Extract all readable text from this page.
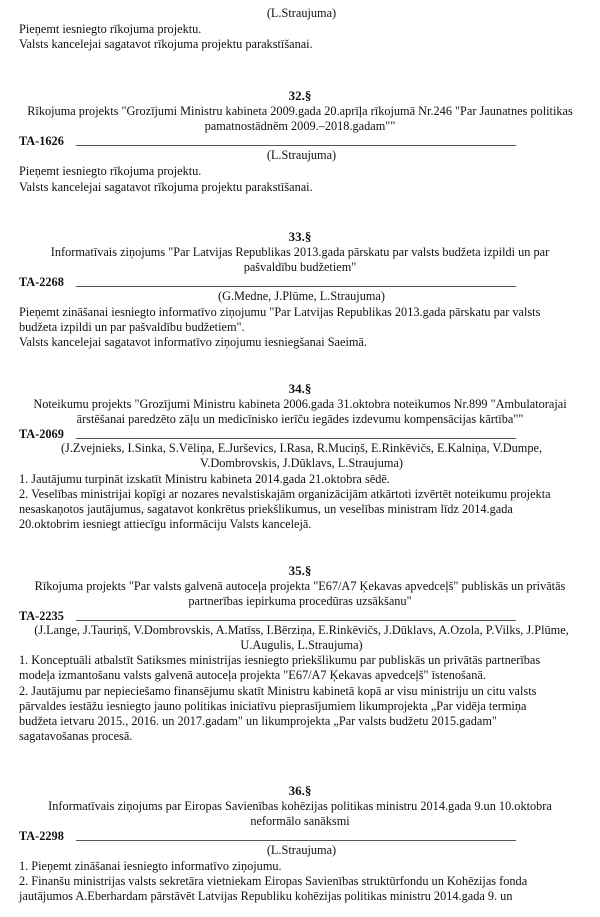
(L.Straujuma)
Pieņemt iesniegto rīkojuma projektu.
Valsts kancelejai sagatavot rīkojuma projektu parakstīšanai.
32.§
Rīkojuma projekts "Grozījumi Ministru kabineta 2009.gada 20.aprīļa rīkojumā Nr.246 "Par Jaunatnes politikas
pamatnostādnēm 2009.–2018.gadam""
TA-1626
(L.Straujuma)
Pieņemt iesniegto rīkojuma projektu.
Valsts kancelejai sagatavot rīkojuma projektu parakstīšanai.
33.§
Informatīvais ziņojums "Par Latvijas Republikas 2013.gada pārskatu par valsts budžeta izpildi un par
pašvaldību budžetiem"
TA-2268
(G.Medne, J.Plūme, L.Straujuma)
Pieņemt zināšanai iesniegto informatīvo ziņojumu "Par Latvijas Republikas 2013.gada pārskatu par valsts
budžeta izpildi un par pašvaldību budžetiem".
Valsts kancelejai sagatavot informatīvo ziņojumu iesniegšanai Saeimā.
34.§
Noteikumu projekts "Grozījumi Ministru kabineta 2006.gada 31.oktobra noteikumos Nr.899 "Ambulatorajai
ārstēšanai paredzēto zāļu un medicīnisko ierīču iegādes izdevumu kompensācijas kārtība""
TA-2069
(J.Zvejnieks, I.Sinka, S.Vēliņa, E.Jurševics, I.Rasa, R.Muciņš, E.Rinkēvičs, E.Kalniņa, V.Dumpe,
V.Dombrovskis, J.Dūklavs, L.Straujuma)
1. Jautājumu turpināt izskatīt Ministru kabineta 2014.gada 21.oktobra sēdē.
2. Veselības ministrijai kopīgi ar nozares nevalstiskajām organizācijām atkārtoti izvērtēt noteikumu projekta
nesaskaņotos jautājumus, sagatavot konkrētus priekšlikumus, un veselības ministram līdz 2014.gada
20.oktobrim iesniegt attiecīgu informāciju Valsts kancelejā.
35.§
Rīkojuma projekts "Par valsts galvenā autoceļa projekta "E67/A7 Ķekavas apvedceļš" publiskās un privātās
partnerības iepirkuma procedūras uzsākšanu"
TA-2235
(J.Lange, J.Tauriņš, V.Dombrovskis, A.Matīss, I.Bērziņa, E.Rinkēvičs, J.Dūklavs, A.Ozola, P.Vilks, J.Plūme,
U.Augulis, L.Straujuma)
1. Konceptuāli atbalstīt Satiksmes ministrijas iesniegto priekšlikumu par publiskās un privātās partnerības
modeļa izmantošanu valsts galvenā autoceļa projekta "E67/A7 Ķekavas apvedceļš" īstenošanā.
2. Jautājumu par nepieciešamo finansējumu skatīt Ministru kabinetā kopā ar visu ministriju un citu valsts
pārvaldes iestāžu iesniegto jauno politikas iniciatīvu pieprasījumiem likumprojekta „Par vidēja termiņa
budžeta ietvaru 2015., 2016. un 2017.gadam" un likumprojekta „Par valsts budžetu 2015.gadam"
sagatavošanas procesā.
36.§
Informatīvais ziņojums par Eiropas Savienības kohēzijas politikas ministru 2014.gada 9.un 10.oktobra
neformālo sanāksmi
TA-2298
(L.Straujuma)
1. Pieņemt zināšanai iesniegto informatīvo ziņojumu.
2. Finanšu ministrijas valsts sekretāra vietniekam Eiropas Savienības struktūrfondu un Kohēzijas fonda
jautājumos A.Eberhardam pārstāvēt Latvijas Republiku kohēzijas politikas ministru 2014.gada 9. un
